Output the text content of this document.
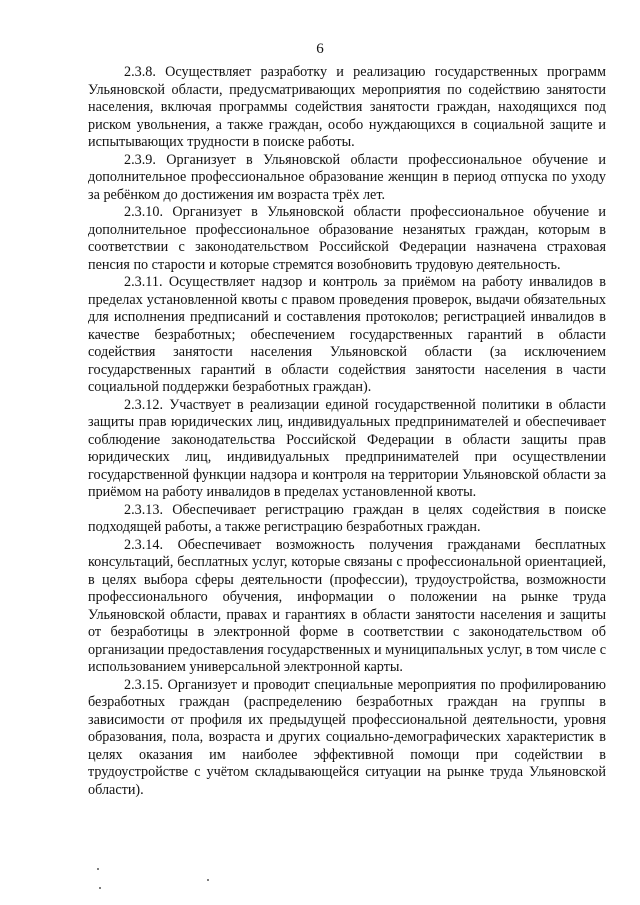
6

2.3.8. Осуществляет разработку и реализацию государственных программ Ульяновской области, предусматривающих мероприятия по содействию занятости населения, включая программы содействия занятости граждан, находящихся под риском увольнения, а также граждан, особо нуждающихся в социальной защите и испытывающих трудности в поиске работы.

2.3.9. Организует в Ульяновской области профессиональное обучение и дополнительное профессиональное образование женщин в период отпуска по уходу за ребёнком до достижения им возраста трёх лет.

2.3.10. Организует в Ульяновской области профессиональное обучение и дополнительное профессиональное образование незанятых граждан, которым в соответствии с законодательством Российской Федерации назначена страховая пенсия по старости и которые стремятся возобновить трудовую деятельность.

2.3.11. Осуществляет надзор и контроль за приёмом на работу инвалидов в пределах установленной квоты с правом проведения проверок, выдачи обязательных для исполнения предписаний и составления протоколов; регистрацией инвалидов в качестве безработных; обеспечением государственных гарантий в области содействия занятости населения Ульяновской области (за исключением государственных гарантий в области содействия занятости населения в части социальной поддержки безработных граждан).

2.3.12. Участвует в реализации единой государственной политики в области защиты прав юридических лиц, индивидуальных предпринимателей и обеспечивает соблюдение законодательства Российской Федерации в области защиты прав юридических лиц, индивидуальных предпринимателей при осуществлении государственной функции надзора и контроля на территории Ульяновской области за приёмом на работу инвалидов в пределах установленной квоты.

2.3.13. Обеспечивает регистрацию граждан в целях содействия в поиске подходящей работы, а также регистрацию безработных граждан.

2.3.14. Обеспечивает возможность получения гражданами бесплатных консультаций, бесплатных услуг, которые связаны с профессиональной ориентацией, в целях выбора сферы деятельности (профессии), трудоустройства, возможности профессионального обучения, информации о положении на рынке труда Ульяновской области, правах и гарантиях в области занятости населения и защиты от безработицы в электронной форме в соответствии с законодательством об организации предоставления государственных и муниципальных услуг, в том числе с использованием универсальной электронной карты.

2.3.15. Организует и проводит специальные мероприятия по профилированию безработных граждан (распределению безработных граждан на группы в зависимости от профиля их предыдущей профессиональной деятельности, уровня образования, пола, возраста и других социально-демографических характеристик в целях оказания им наиболее эффективной помощи при содействии в трудоустройстве с учётом складывающейся ситуации на рынке труда Ульяновской области).
